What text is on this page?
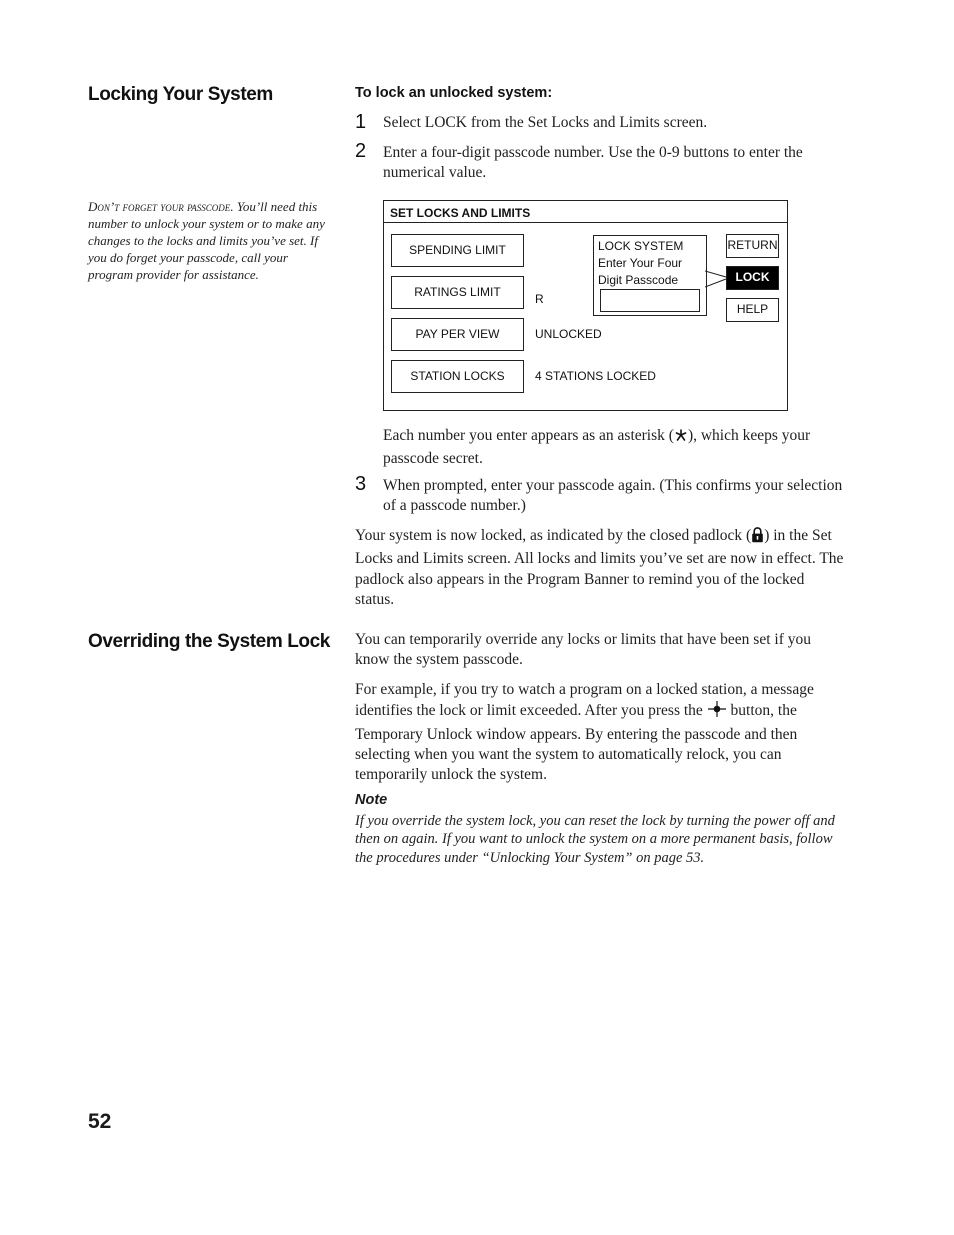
Locking Your System
Overriding the System Lock
Don’t forget your passcode. You’ll need this number to unlock your system or to make any changes to the locks and limits you’ve set. If you do forget your passcode, call your program provider for assistance.
To lock an unlocked system:
1 Select LOCK from the Set Locks and Limits screen.
2 Enter a four-digit passcode number. Use the 0-9 buttons to enter the numerical value.
SET LOCKS AND LIMITS
SPENDING LIMIT
R
RATINGS LIMIT
PAY PER VIEW	UNLOCKED
STATION LOCKS	4 STATIONS LOCKED
LOCK SYSTEM
Enter Your Four
Digit Passcode
RETURN
LOCK
HELP
Each number you enter appears as an asterisk ( ), which keeps your passcode secret.
3 When prompted, enter your passcode again. (This confirms your selection of a passcode number.)
Your system is now locked, as indicated by the closed padlock ( ) in the Set Locks and Limits screen. All locks and limits you’ve set are now in effect. The padlock also appears in the Program Banner to remind you of the locked status.
You can temporarily override any locks or limits that have been set if you know the system passcode.
For example, if you try to watch a program on a locked station, a message identifies the lock or limit exceeded. After you press the button, the Temporary Unlock window appears. By entering the passcode and then selecting when you want the system to automatically relock, you can temporarily unlock the system.
Note
If you override the system lock, you can reset the lock by turning the power off and then on again. If you want to unlock the system on a more permanent basis, follow the procedures under “Unlocking Your System” on page 53.
52
